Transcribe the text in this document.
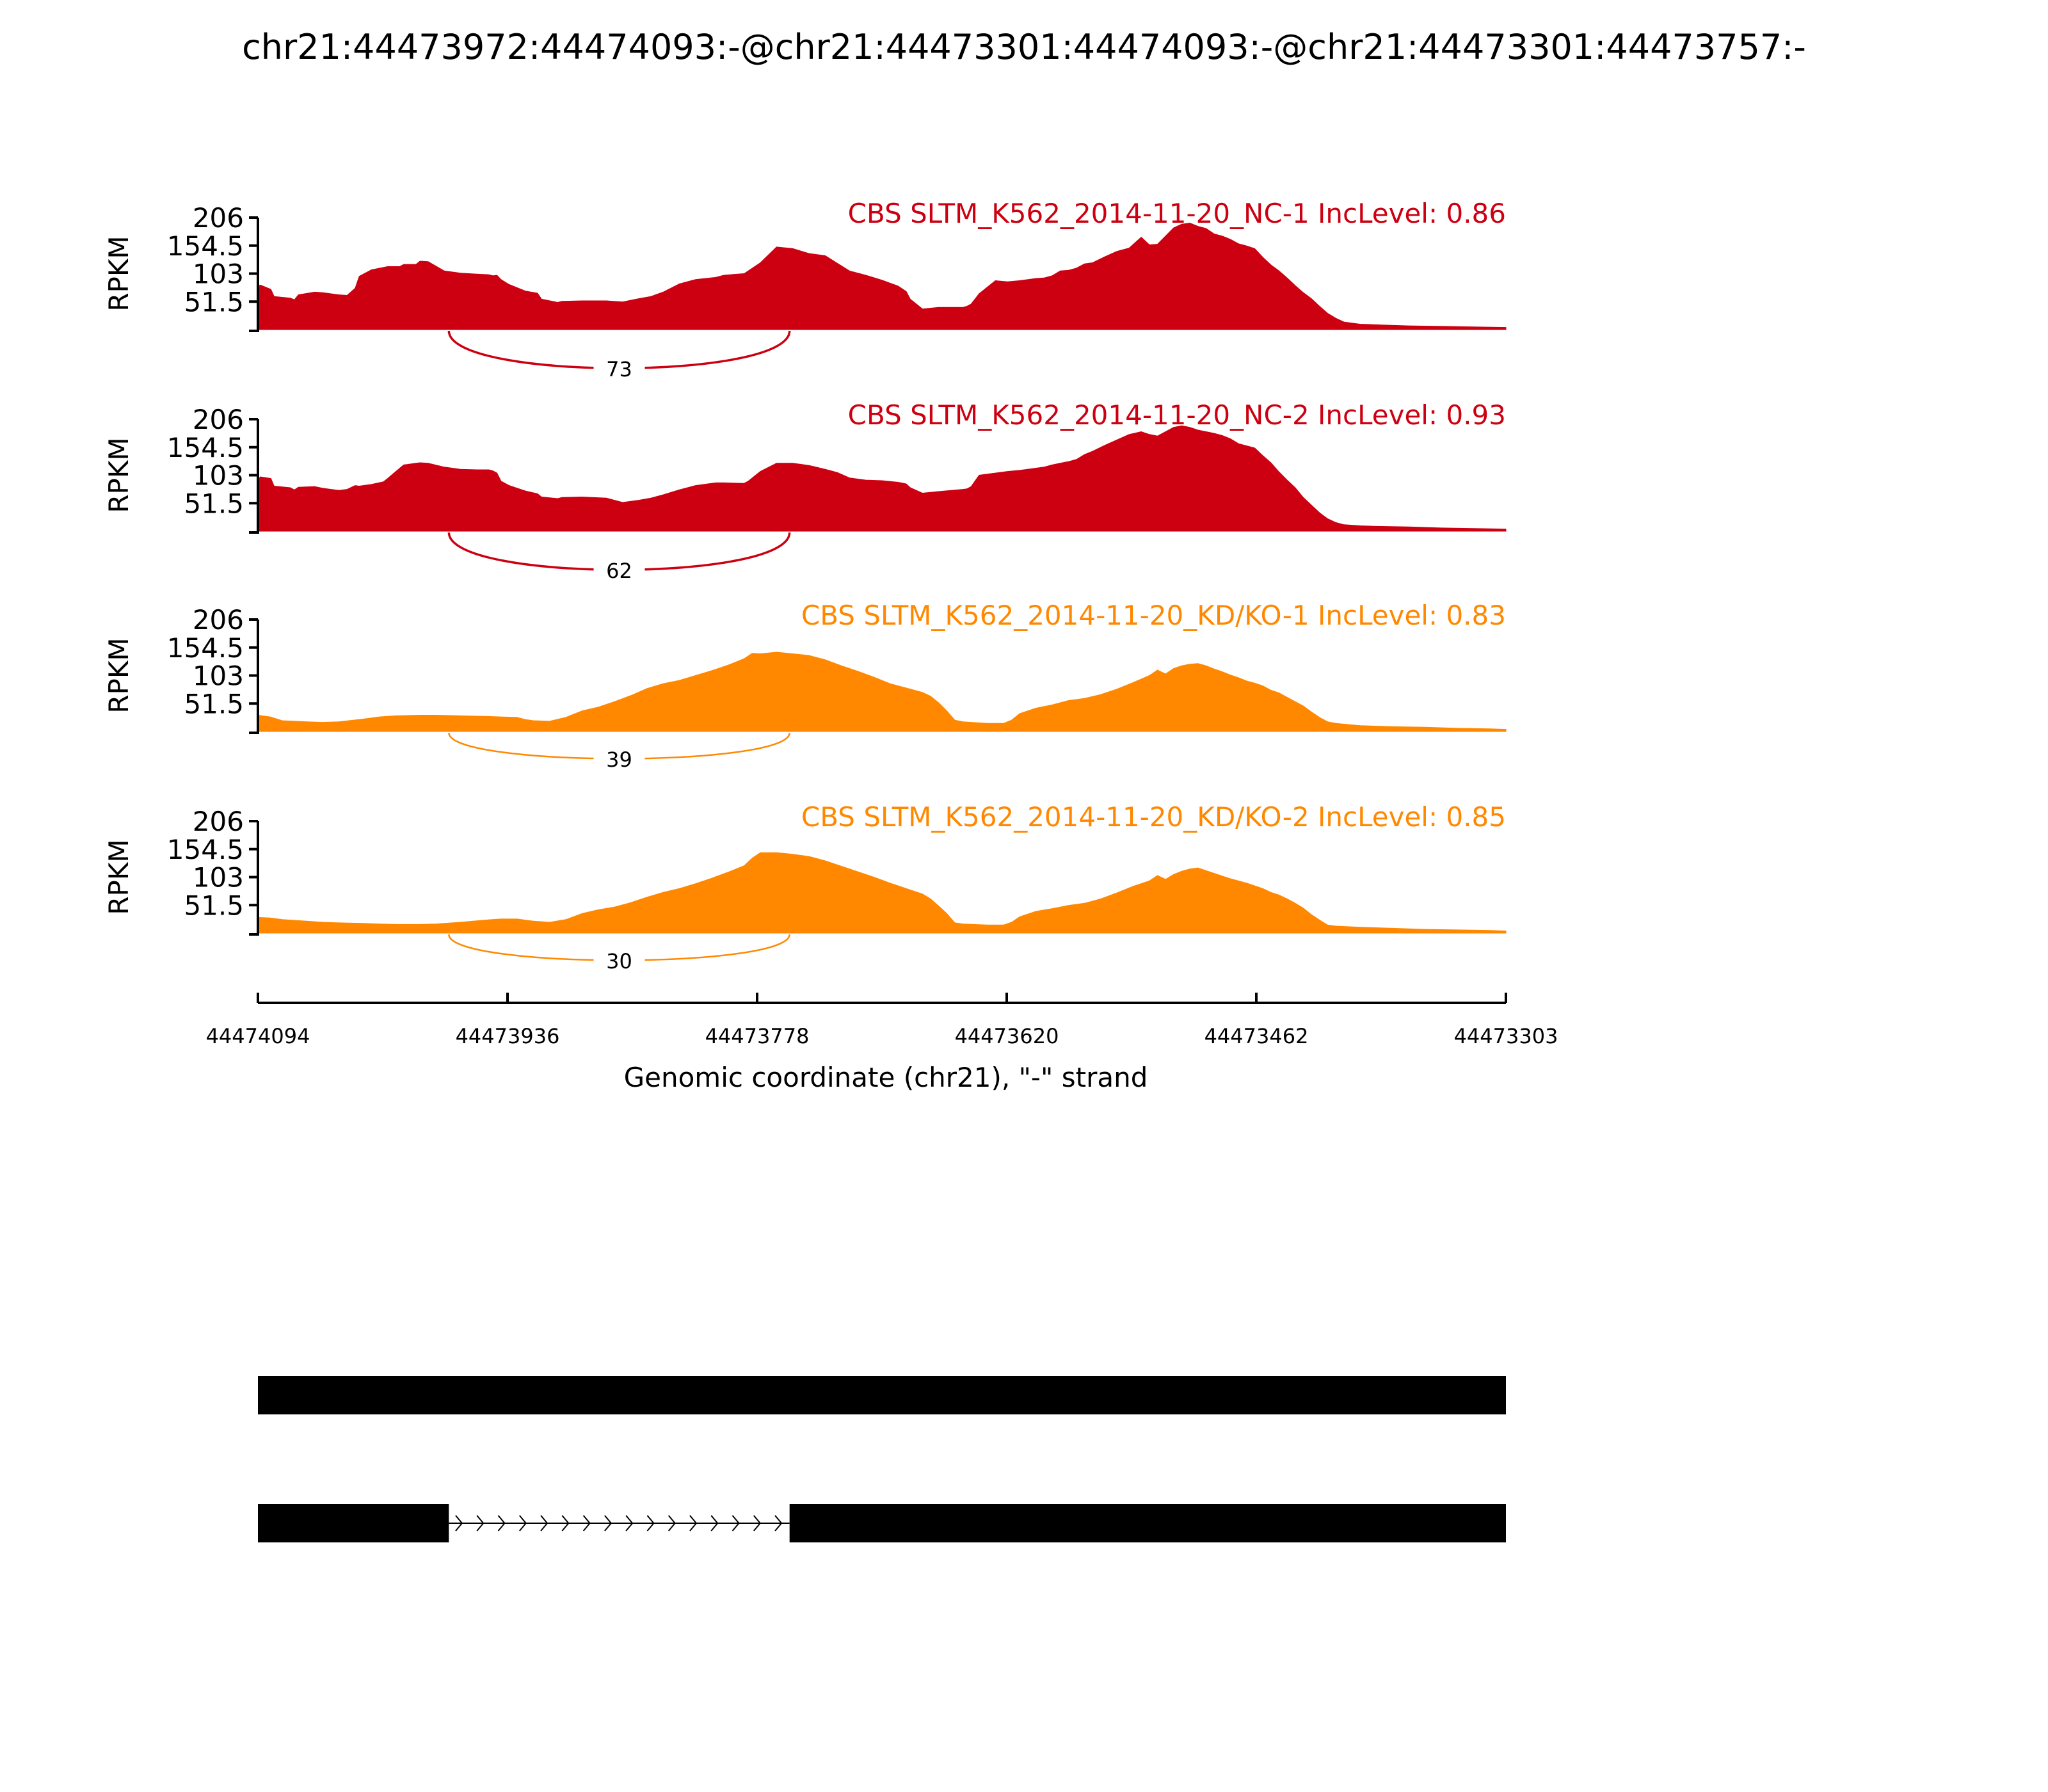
chr21:44473972:44474093:-@chr21:44473301:44474093:-@chr21:44473301:44473757:-
206
154.5
103
51.5
RPKM
CBS SLTM_K562_2014-11-20_NC-1 IncLevel: 0.86
73
206
154.5
103
51.5
RPKM
CBS SLTM_K562_2014-11-20_NC-2 IncLevel: 0.93
62
206
154.5
103
51.5
RPKM
CBS SLTM_K562_2014-11-20_KD/KO-1 IncLevel: 0.83
39
206
154.5
103
51.5
RPKM
CBS SLTM_K562_2014-11-20_KD/KO-2 IncLevel: 0.85
30
44474094	44473936	44473778	44473620	44473462	44473303
Genomic coordinate (chr21), "-" strand
